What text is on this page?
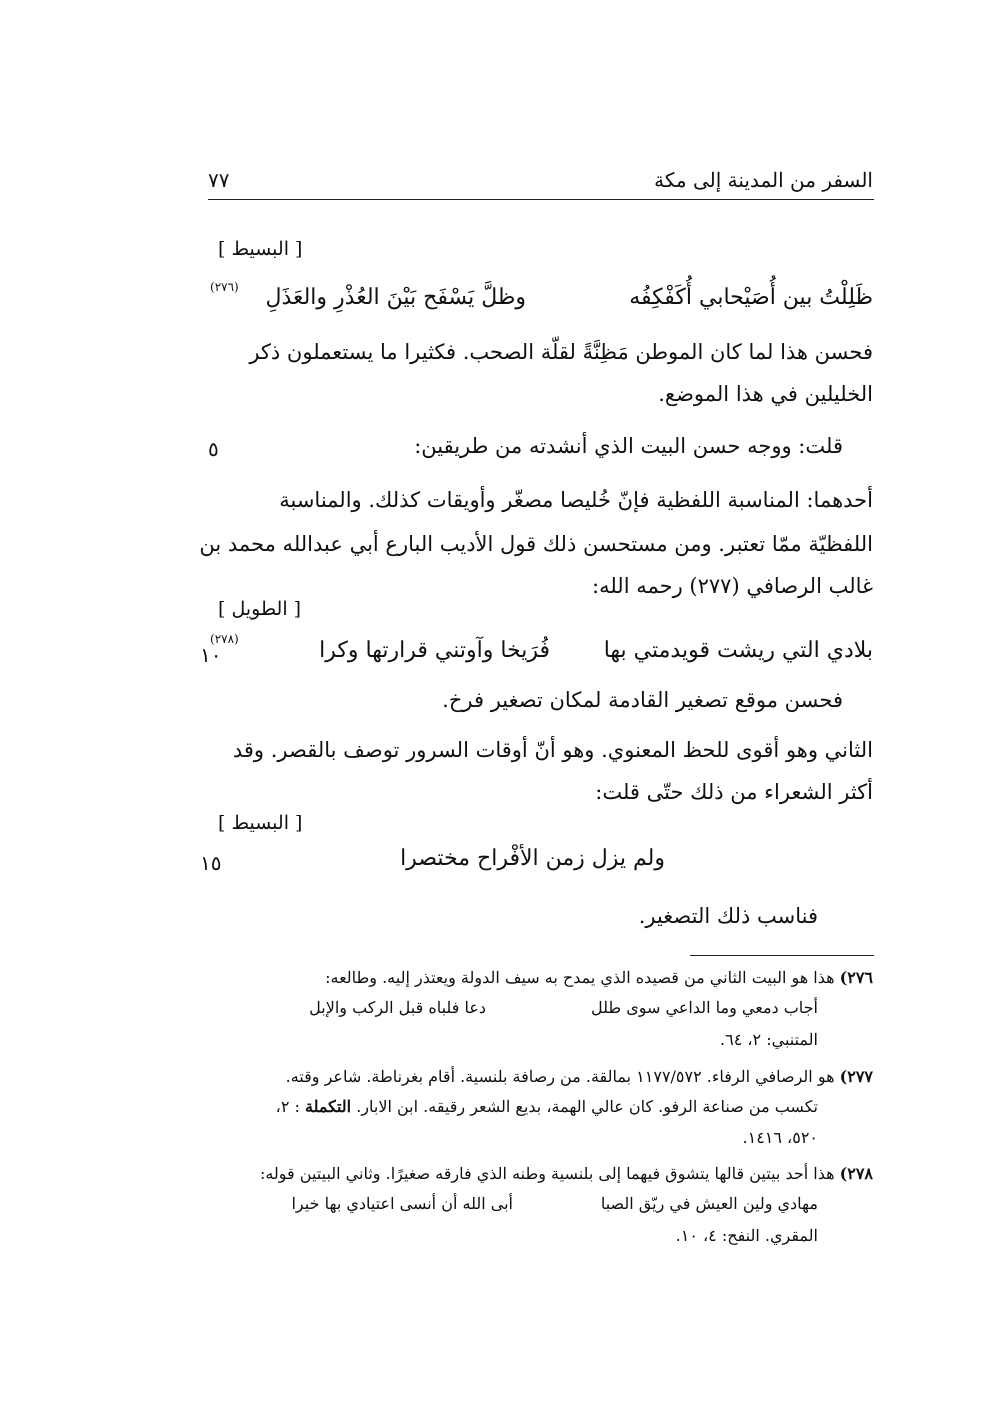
السفر من المدينة إلى مكة
٧٧
[ البسيط ]
ظَلِلْتُ بين أُصَيْحابي أُكَفْكِفُه
وظلَّ يَسْفَح بَيْنَ العُذْرِ والعَذَلِ
(٢٧٦)
فحسن هذا لما كان الموطن مَظِنَّةً لقلّة الصحب. فكثيرا ما يستعملون ذكر
الخليلين في هذا الموضع.
٥	قلت: ووجه حسن البيت الذي أنشدته من طريقين:
أحدهما: المناسبة اللفظية فإنّ خُليصا مصغّر وأويقات كذلك. والمناسبة
اللفظيّة ممّا تعتبر. ومن مستحسن ذلك قول الأديب البارع أبي عبدالله محمد بن
غالب الرصافي (٢٧٧) رحمه الله:
[ الطويل ]
١٠	بلادي التي ريشت قويدمتي بها
فُرَيخا وآوتني قرارتها وكرا
(٢٧٨)
فحسن موقع تصغير القادمة لمكان تصغير فرخ.
الثاني وهو أقوى للحظ المعنوي. وهو أنّ أوقات السرور توصف بالقصر. وقد
أكثر الشعراء من ذلك حتّى قلت:
[ البسيط ]
١٥	ولم يزل زمن الأفْراح مختصرا
فناسب ذلك التصغير.
٢٧٦) هذا هو البيت الثاني من قصيده الذي يمدح به سيف الدولة ويعتذر إليه. وطالعه:
أجاب دمعي وما الداعي سوى طلل
دعا فلباه قبل الركب والإبل
المتنبي: ٢، ٦٤.
٢٧٧) هو الرصافي الرفاء. ١١٧٧/٥٧٢ بمالقة. من رصافة بلنسية. أقام بغرناطة. شاعر وقته.
تكسب من صناعة الرفو. كان عالي الهمة، بديع الشعر رقيقه. ابن الابار. التكملة : ٢،
٥٢٠، ١٤١٦.
٢٧٨) هذا أحد بيتين قالها يتشوق فيهما إلى بلنسية وطنه الذي فارقه صغيرًا. وثاني البيتين قوله:
مهادي ولين العيش في ريّق الصبا
أبى الله أن أنسى اعتيادي بها خيرا
المقري. النفح: ٤، ١٠.
